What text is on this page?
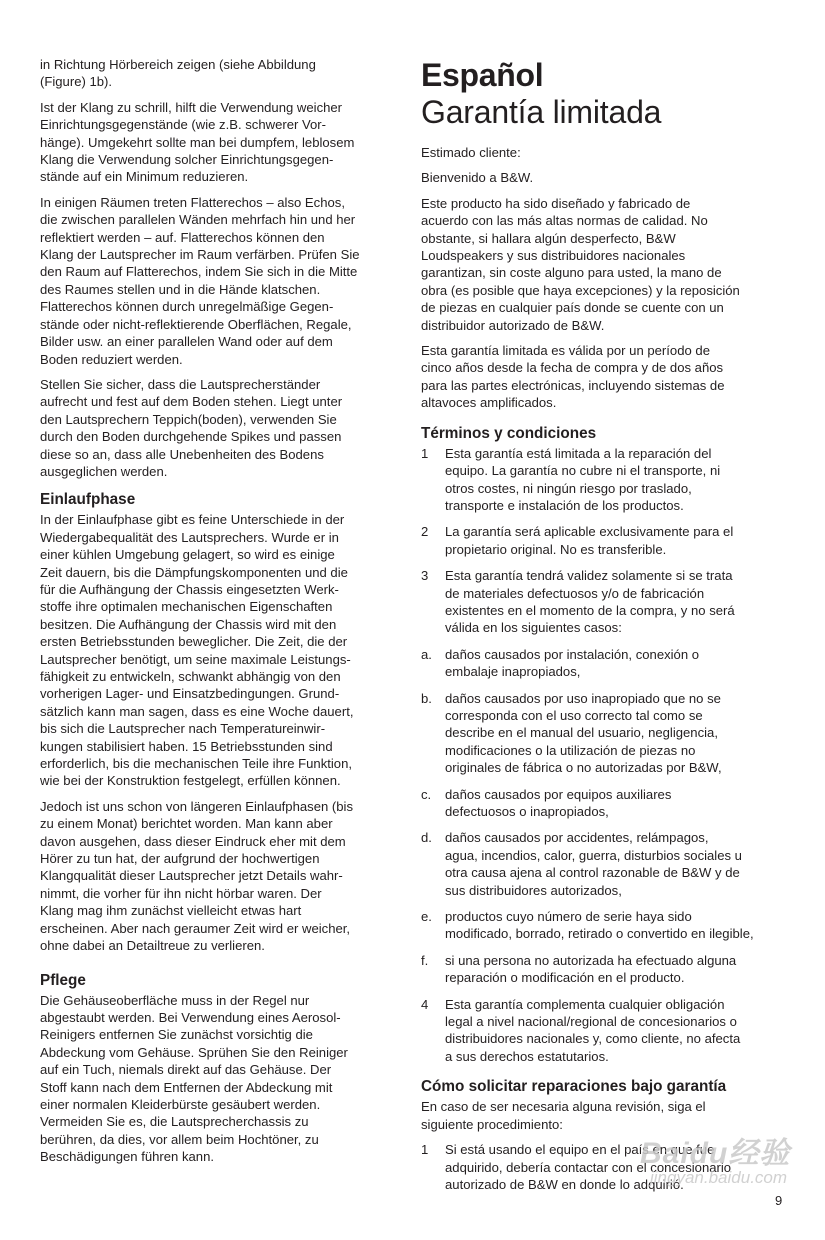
in Richtung Hörbereich zeigen (siehe Abbildung
(Figure) 1b).

Ist der Klang zu schrill, hilft die Verwendung weicher
Einrichtungsgegenstände (wie z.B. schwerer Vor-
hänge). Umgekehrt sollte man bei dumpfem, leblosem
Klang die Verwendung solcher Einrichtungsgegen-
stände auf ein Minimum reduzieren.

In einigen Räumen treten Flatterechos – also Echos,
die zwischen parallelen Wänden mehrfach hin und her
reflektiert werden – auf. Flatterechos können den
Klang der Lautsprecher im Raum verfärben. Prüfen Sie
den Raum auf Flatterechos, indem Sie sich in die Mitte
des Raumes stellen und in die Hände klatschen.
Flatterechos können durch unregelmäßige Gegen-
stände oder nicht-reflektierende Oberflächen, Regale,
Bilder usw. an einer parallelen Wand oder auf dem
Boden reduziert werden.

Stellen Sie sicher, dass die Lautsprecherständer
aufrecht und fest auf dem Boden stehen. Liegt unter
den Lautsprechern Teppich(boden), verwenden Sie
durch den Boden durchgehende Spikes und passen
diese so an, dass alle Unebenheiten des Bodens
ausgeglichen werden.

Einlaufphase

In der Einlaufphase gibt es feine Unterschiede in der
Wiedergabequalität des Lautsprechers. Wurde er in
einer kühlen Umgebung gelagert, so wird es einige
Zeit dauern, bis die Dämpfungskomponenten und die
für die Aufhängung der Chassis eingesetzten Werk-
stoffe ihre optimalen mechanischen Eigenschaften
besitzen. Die Aufhängung der Chassis wird mit den
ersten Betriebsstunden beweglicher. Die Zeit, die der
Lautsprecher benötigt, um seine maximale Leistungs-
fähigkeit zu entwickeln, schwankt abhängig von den
vorherigen Lager- und Einsatzbedingungen. Grund-
sätzlich kann man sagen, dass es eine Woche dauert,
bis sich die Lautsprecher nach Temperatureinwir-
kungen stabilisiert haben. 15 Betriebsstunden sind
erforderlich, bis die mechanischen Teile ihre Funktion,
wie bei der Konstruktion festgelegt, erfüllen können.

Jedoch ist uns schon von längeren Einlaufphasen (bis
zu einem Monat) berichtet worden. Man kann aber
davon ausgehen, dass dieser Eindruck eher mit dem
Hörer zu tun hat, der aufgrund der hochwertigen
Klangqualität dieser Lautsprecher jetzt Details wahr-
nimmt, die vorher für ihn nicht hörbar waren. Der
Klang mag ihm zunächst vielleicht etwas hart
erscheinen. Aber nach geraumer Zeit wird er weicher,
ohne dabei an Detailtreue zu verlieren.

Pflege

Die Gehäuseoberfläche muss in der Regel nur
abgestaubt werden. Bei Verwendung eines Aerosol-
Reinigers entfernen Sie zunächst vorsichtig die
Abdeckung vom Gehäuse. Sprühen Sie den Reiniger
auf ein Tuch, niemals direkt auf das Gehäuse. Der
Stoff kann nach dem Entfernen der Abdeckung mit
einer normalen Kleiderbürste gesäubert werden.
Vermeiden Sie es, die Lautsprecherchassis zu
berühren, da dies, vor allem beim Hochtöner, zu
Beschädigungen führen kann.

Español
Garantía limitada

Estimado cliente:

Bienvenido a B&W.

Este producto ha sido diseñado y fabricado de
acuerdo con las más altas normas de calidad. No
obstante, si hallara algún desperfecto, B&W
Loudspeakers y sus distribuidores nacionales
garantizan, sin coste alguno para usted, la mano de
obra (es posible que haya excepciones) y la reposición
de piezas en cualquier país donde se cuente con un
distribuidor autorizado de B&W.

Esta garantía limitada es válida por un período de
cinco años desde la fecha de compra y de dos años
para las partes electrónicas, incluyendo sistemas de
altavoces amplificados.

Términos y condiciones
1 Esta garantía está limitada a la reparación del
equipo. La garantía no cubre ni el transporte, ni
otros costes, ni ningún riesgo por traslado,
transporte e instalación de los productos.
2 La garantía será aplicable exclusivamente para el
propietario original. No es transferible.
3 Esta garantía tendrá validez solamente si se trata
de materiales defectuosos y/o de fabricación
existentes en el momento de la compra, y no será
válida en los siguientes casos:
a. daños causados por instalación, conexión o
embalaje inapropiados,
b. daños causados por uso inapropiado que no se
corresponda con el uso correcto tal como se
describe en el manual del usuario, negligencia,
modificaciones o la utilización de piezas no
originales de fábrica o no autorizadas por B&W,
c. daños causados por equipos auxiliares
defectuosos o inapropiados,
d. daños causados por accidentes, relámpagos,
agua, incendios, calor, guerra, disturbios sociales u
otra causa ajena al control razonable de B&W y de
sus distribuidores autorizados,
e. productos cuyo número de serie haya sido
modificado, borrado, retirado o convertido en ilegible,
f. si una persona no autorizada ha efectuado alguna
reparación o modificación en el producto.
4 Esta garantía complementa cualquier obligación
legal a nivel nacional/regional de concesionarios o
distribuidores nacionales y, como cliente, no afecta
a sus derechos estatutarios.
Cómo solicitar reparaciones bajo garantía

En caso de ser necesaria alguna revisión, siga el
siguiente procedimiento:

1 Si está usando el equipo en el país en que fue
adquirido, debería contactar con el concesionario
autorizado de B&W en donde lo adquirió.
Baidu经验
jingyan.baidu.com
9
